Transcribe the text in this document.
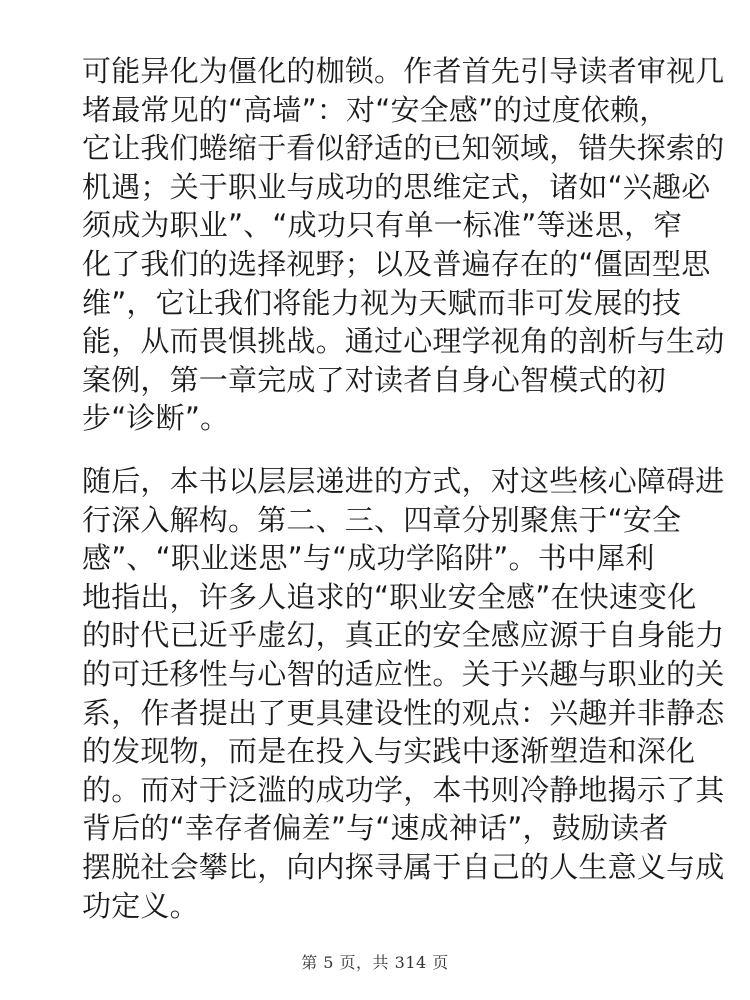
可能异化为僵化的枷锁。作者首先引导读者审视几
堵最常见的“高墙”：对“安全感”的过度依赖，
它让我们蜷缩于看似舒适的已知领域，错失探索的
机遇；关于职业与成功的思维定式，诸如“兴趣必
须成为职业”、“成功只有单一标准”等迷思，窄
化了我们的选择视野；以及普遍存在的“僵固型思
维”，它让我们将能力视为天赋而非可发展的技
能，从而畏惧挑战。通过心理学视角的剖析与生动
案例，第一章完成了对读者自身心智模式的初
步“诊断”。
随后，本书以层层递进的方式，对这些核心障碍进
行深入解构。第二、三、四章分别聚焦于“安全
感”、“职业迷思”与“成功学陷阱”。书中犀利
地指出，许多人追求的“职业安全感”在快速变化
的时代已近乎虚幻，真正的安全感应源于自身能力
的可迁移性与心智的适应性。关于兴趣与职业的关
系，作者提出了更具建设性的观点：兴趣并非静态
的发现物，而是在投入与实践中逐渐塑造和深化
的。而对于泛滥的成功学，本书则冷静地揭示了其
背后的“幸存者偏差”与“速成神话”，鼓励读者
摆脱社会攀比，向内探寻属于自己的人生意义与成
功定义。
第 5 页，共 314 页
